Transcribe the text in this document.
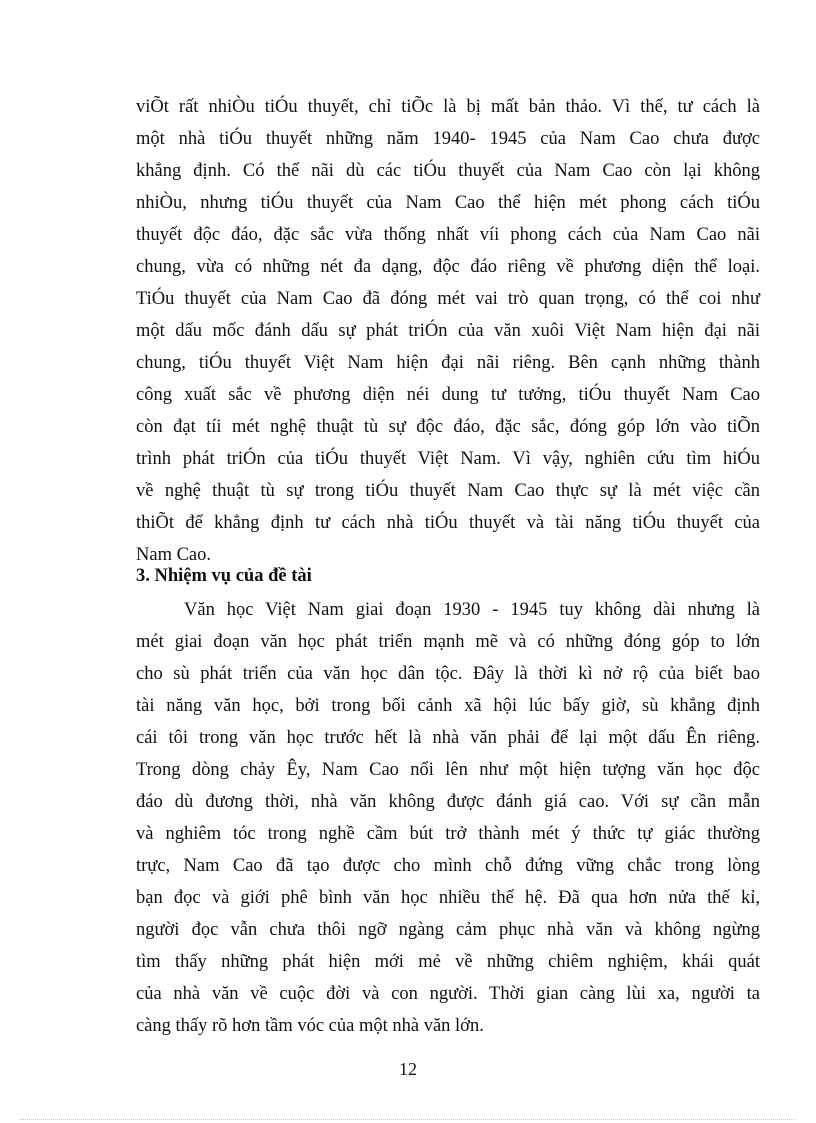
viÕt rất nhiÒu tiÓu thuyết, chỉ tiÕc là bị mất bản thảo. Vì thế, tư cách là
một nhà tiÓu thuyết những năm 1940- 1945 của Nam Cao chưa được
khẳng định. Có thể nãi dù các tiÓu thuyết của Nam Cao còn lại không
nhiÒu, nhưng tiÓu thuyết của Nam Cao thể hiện mét phong cách tiÓu
thuyết độc đáo, đặc sắc vừa thống nhất víi phong cách của Nam Cao nãi
chung, vừa có những nét đa dạng, độc đáo riêng về phương diện thể loại.
TiÓu thuyết của Nam Cao đã đóng mét vai trò quan trọng, có thể coi như
một dấu mốc đánh dấu sự phát triÓn của văn xuôi Việt Nam hiện đại nãi
chung, tiÓu thuyết Việt Nam hiện đại nãi riêng. Bên cạnh những thành
công xuất sắc về phương diện néi dung tư tưởng, tiÓu thuyết Nam Cao
còn đạt tíi mét nghệ thuật tù sự độc đáo, đặc sắc, đóng góp lớn vào tiÕn
trình phát triÓn của tiÓu thuyết Việt Nam. Vì vậy, nghiên cứu tìm hiÓu
về nghệ thuật tù sự trong tiÓu thuyết Nam Cao thực sự là mét việc cần
thiÕt để khẳng định tư cách nhà tiÓu thuyết và tài năng tiÓu thuyết của
Nam Cao.
3. Nhiệm vụ của đề tài
Văn học Việt Nam giai đoạn 1930 - 1945 tuy không dài nhưng là
mét giai đoạn văn học phát triển mạnh mẽ và có những đóng góp to lớn
cho sù phát triển của văn học dân tộc. Đây là thời kì nở rộ của biết bao
tài năng văn học, bởi trong bối cảnh xã hội lúc bấy giờ, sù khẳng định
cái tôi trong văn học trước hết là nhà văn phải để lại một dấu Ên riêng.
Trong dòng chảy Êy, Nam Cao nổi lên như một hiện tượng văn học độc
đáo dù đương thời, nhà văn không được đánh giá cao. Với sự cần mẫn
và nghiêm tóc trong nghề cầm bút trở thành mét ý thức tự giác thường
trực, Nam Cao đã tạo được cho mình chỗ đứng vững chắc trong lòng
bạn đọc và giới phê bình văn học nhiều thế hệ. Đã qua hơn nửa thế kỉ,
người đọc vẫn chưa thôi ngỡ ngàng cảm phục nhà văn và không ngừng
tìm thấy những phát hiện mới mẻ về những chiêm nghiệm, khái quát
của nhà văn về cuộc đời và con người. Thời gian càng lùi xa, người ta
càng thấy rõ hơn tầm vóc của một nhà văn lớn.
12
